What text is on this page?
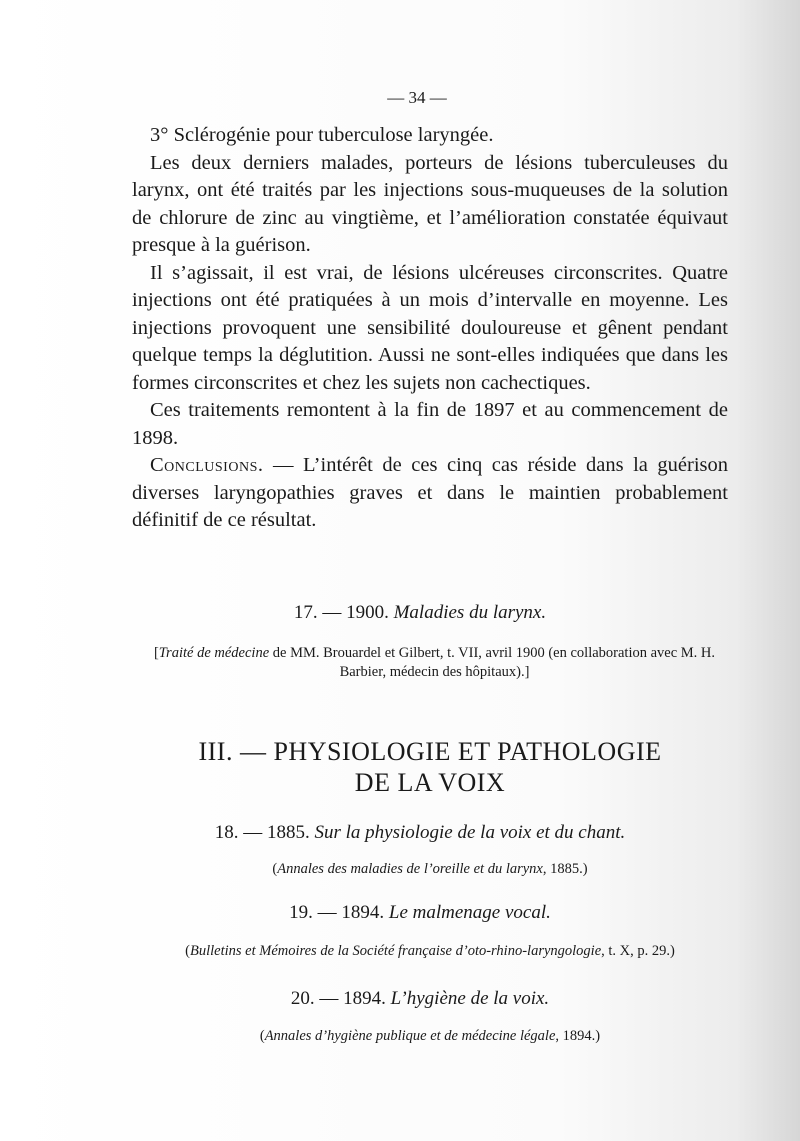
— 34 —

3° Sclérogénie pour tuberculose laryngée.

Les deux derniers malades, porteurs de lésions tuberculeuses du larynx, ont été traités par les injections sous-muqueuses de la solution de chlorure de zinc au vingtième, et l’amélioration constatée équivaut presque à la guérison.

Il s’agissait, il est vrai, de lésions ulcéreuses circonscrites. Quatre injections ont été pratiquées à un mois d’intervalle en moyenne. Les injections provoquent une sensibilité douloureuse et gênent pendant quelque temps la déglutition. Aussi ne sont-elles indiquées que dans les formes circonscrites et chez les sujets non cachectiques.

Ces traitements remontent à la fin de 1897 et au commencement de 1898.

Conclusions. — L’intérêt de ces cinq cas réside dans la guérison diverses laryngopathies graves et dans le maintien probablement définitif de ce résultat.

17. — 1900. Maladies du larynx.
[Traité de médecine de MM. Brouardel et Gilbert, t. VII, avril 1900 (en collaboration avec M. H. Barbier, médecin des hôpitaux).]
III. — PHYSIOLOGIE ET PATHOLOGIE
DE LA VOIX
18. — 1885. Sur la physiologie de la voix et du chant.
(Annales des maladies de l’oreille et du larynx, 1885.)
19. — 1894. Le malmenage vocal.
(Bulletins et Mémoires de la Société française d’oto-rhino-laryngologie, t. X, p. 29.)
20. — 1894. L’hygiène de la voix.
(Annales d’hygiène publique et de médecine légale, 1894.)
